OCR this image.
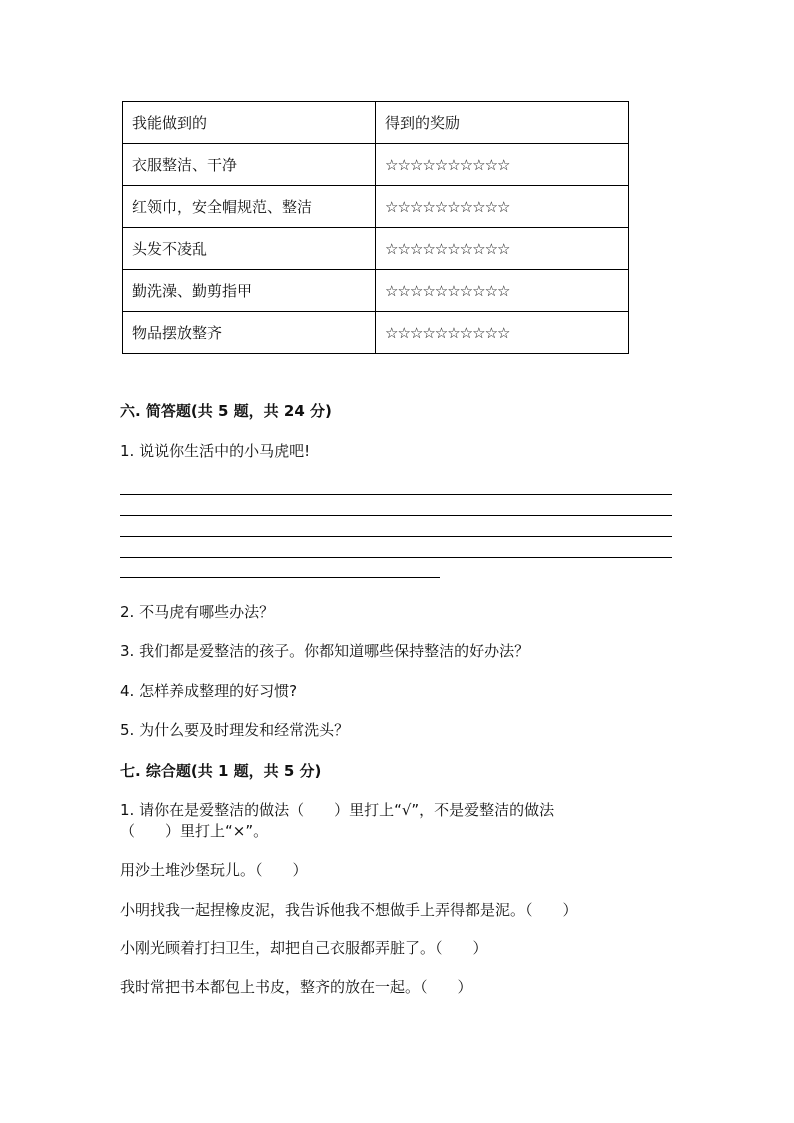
我能做到的	得到的奖励
衣服整洁、干净	☆☆☆☆☆☆☆☆☆☆
红领巾，安全帽规范、整洁	☆☆☆☆☆☆☆☆☆☆
头发不凌乱	☆☆☆☆☆☆☆☆☆☆
勤洗澡、勤剪指甲	☆☆☆☆☆☆☆☆☆☆
物品摆放整齐	☆☆☆☆☆☆☆☆☆☆
六. 简答题(共 5 题，共 24 分)
1. 说说你生活中的小马虎吧!
2. 不马虎有哪些办法？
3. 我们都是爱整洁的孩子。你都知道哪些保持整洁的好办法？
4. 怎样养成整理的好习惯?
5. 为什么要及时理发和经常洗头？
七. 综合题(共 1 题，共 5 分)
1. 请你在是爱整洁的做法（　　）里打上“√”，不是爱整洁的做法
（　　）里打上“×”。
用沙土堆沙堡玩儿。（　　）
小明找我一起捏橡皮泥，我告诉他我不想做手上弄得都是泥。（　　）
小刚光顾着打扫卫生，却把自己衣服都弄脏了。（　　）
我时常把书本都包上书皮，整齐的放在一起。（　　）
